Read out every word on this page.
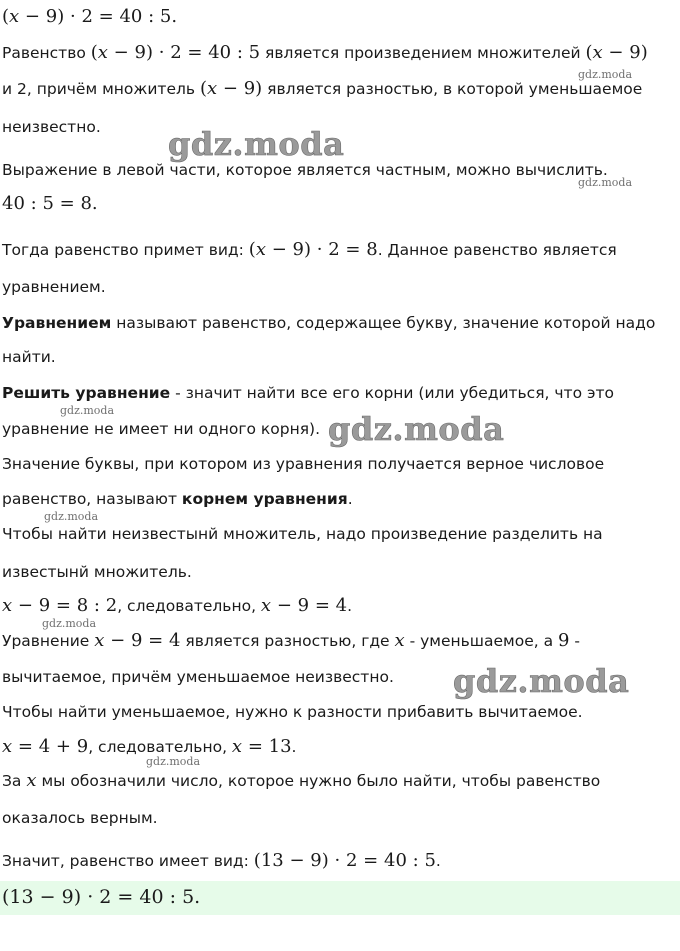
(x − 9) · 2 = 40 : 5.
Равенство (x − 9) · 2 = 40 : 5 является произведением множителей (x − 9)
и 2, причём множитель (x − 9) является разностью, в которой уменьшаемое
неизвестно.
Выражение в левой части, которое является частным, можно вычислить.
40 : 5 = 8.
Тогда равенство примет вид: (x − 9) · 2 = 8. Данное равенство является
уравнением.
Уравнением называют равенство, содержащее букву, значение которой надо
найти.
Решить уравнение - значит найти все его корни (или убедиться, что это
уравнение не имеет ни одного корня).
Значение буквы, при котором из уравнения получается верное числовое
равенство, называют корнем уравнения.
Чтобы найти неизвестынй множитель, надо произведение разделить на
известынй множитель.
x − 9 = 8 : 2, следовательно, x − 9 = 4.
Уравнение x − 9 = 4 является разностью, где x - уменьшаемое, а 9 -
вычитаемое, причём уменьшаемое неизвестно.
Чтобы найти уменьшаемое, нужно к разности прибавить вычитаемое.
x = 4 + 9, следовательно, x = 13.
За x мы обозначили число, которое нужно было найти, чтобы равенство
оказалось верным.
Значит, равенство имеет вид: (13 − 9) · 2 = 40 : 5.
(13 − 9) · 2 = 40 : 5.
gdz.moda
gdz.moda
gdz.moda
gdz.moda
gdz.moda
gdz.moda
gdz.moda
gdz.moda
gdz.moda
